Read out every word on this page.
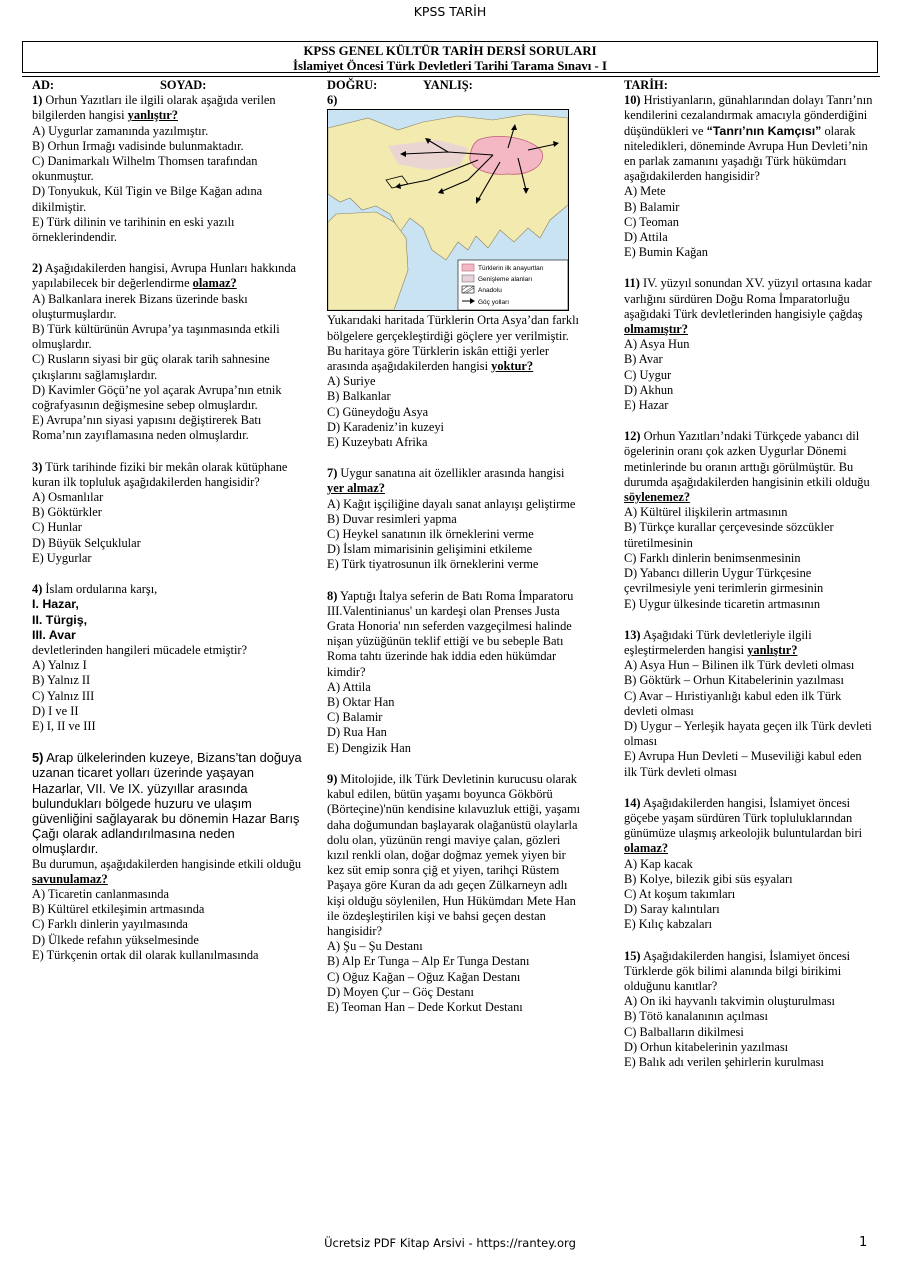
KPSS TARİH
KPSS GENEL KÜLTÜR TARİH DERSİ SORULARI
İslamiyet Öncesi Türk Devletleri Tarihi Tarama Sınavı - I
AD:	SOYAD:

1) Orhun Yazıtları ile ilgili olarak aşağıda verilen bilgilerden hangisi yanlıştır?

A) Uygurlar zamanında yazılmıştır.

B) Orhun Irmağı vadisinde bulunmaktadır.

C) Danimarkalı Wilhelm Thomsen tarafından okunmuştur.

D) Tonyukuk, Kül Tigin ve Bilge Kağan adına dikilmiştir.

E) Türk dilinin ve tarihinin en eski yazılı örneklerindendir.

2) Aşağıdakilerden hangisi, Avrupa Hunları hakkında yapılabilecek bir değerlendirme olamaz?

A) Balkanlara inerek Bizans üzerinde baskı oluşturmuşlardır.

B) Türk kültürünün Avrupa’ya taşınmasında etkili olmuşlardır.

C) Rusların siyasi bir güç olarak tarih sahnesine çıkışlarını sağlamışlardır.

D) Kavimler Göçü’ne yol açarak Avrupa’nın etnik coğrafyasının değişmesine sebep olmuşlardır.

E) Avrupa’nın siyasi yapısını değiştirerek Batı Roma’nın zayıflamasına neden olmuşlardır.

3) Türk tarihinde fiziki bir mekân olarak kütüphane kuran ilk topluluk aşağıdakilerden hangisidir?

A) Osmanlılar

B) Göktürkler

C) Hunlar

D) Büyük Selçuklular

E) Uygurlar

4) İslam ordularına karşı,

I. Hazar,

II. Türgiş,

III. Avar

devletlerinden hangileri mücadele etmiştir?

A) Yalnız I

B) Yalnız II

C) Yalnız III

D) I ve II

E) I, II ve III

5) Arap ülkelerinden kuzeye, Bizans’tan doğuya uzanan ticaret yolları üzerinde yaşayan Hazarlar, VII. Ve IX. yüzyıllar arasında bulundukları bölgede huzuru ve ulaşım güvenliğini sağlayarak bu dönemin Hazar Barış Çağı olarak adlandırılmasına neden olmuşlardır.

Bu durumun, aşağıdakilerden hangisinde etkili olduğu savunulamaz?

A) Ticaretin canlanmasında

B) Kültürel etkileşimin artmasında

C) Farklı dinlerin yayılmasında

D) Ülkede refahın yükselmesinde

E) Türkçenin ortak dil olarak kullanılmasında

DOĞRU:	YANLIŞ:

6)

Türklerin ilk anayurtları
Genişleme alanları
Anadolu
Göç yolları

Yukarıdaki haritada Türklerin Orta Asya’dan farklı bölgelere gerçekleştirdiği göçlere yer verilmiştir. Bu haritaya göre Türklerin iskân ettiği yerler arasında aşağıdakilerden hangisi yoktur?

A) Suriye

B) Balkanlar

C) Güneydoğu Asya

D) Karadeniz’in kuzeyi

E) Kuzeybatı Afrika

7) Uygur sanatına ait özellikler arasında hangisi yer almaz?

A) Kağıt işçiliğine dayalı sanat anlayışı geliştirme

B) Duvar resimleri yapma

C) Heykel sanatının ilk örneklerini verme

D) İslam mimarisinin gelişimini etkileme

E) Türk tiyatrosunun ilk örneklerini verme

8) Yaptığı İtalya seferin de Batı Roma İmparatoru III.Valentinianus' un kardeşi olan Prenses Justa Grata Honoria' nın seferden vazgeçilmesi halinde nişan yüzüğünün teklif ettiği ve bu sebeple Batı Roma tahtı üzerinde hak iddia eden hükümdar kimdir?

A) Attila

B) Oktar Han

C) Balamir

D) Rua Han

E) Dengizik Han

9) Mitolojide, ilk Türk Devletinin kurucusu olarak kabul edilen, bütün yaşamı boyunca Gökbörü (Börteçine)'nün kendisine kılavuzluk ettiği, yaşamı daha doğumundan başlayarak olağanüstü olaylarla dolu olan, yüzünün rengi maviye çalan, gözleri kızıl renkli olan, doğar doğmaz yemek yiyen bir kez süt emip sonra çiğ et yiyen, tarihçi Rüstem Paşaya göre Kuran da adı geçen Zülkarneyn adlı kişi olduğu söylenilen, Hun Hükümdarı Mete Han ile özdeşleştirilen kişi ve bahsi geçen destan hangisidir?

A) Şu – Şu Destanı

B) Alp Er Tunga – Alp Er Tunga Destanı

C) Oğuz Kağan – Oğuz Kağan Destanı

D) Moyen Çur – Göç Destanı

E) Teoman Han – Dede Korkut Destanı

TARİH:

10) Hristiyanların, günahlarından dolayı Tanrı’nın kendilerini cezalandırmak amacıyla gönderdiğini düşündükleri ve “Tanrı’nın Kamçısı” olarak niteledikleri, döneminde Avrupa Hun Devleti’nin en parlak zamanını yaşadığı Türk hükümdarı aşağıdakilerden hangisidir?

A) Mete

B) Balamir

C) Teoman

D) Attila

E) Bumin Kağan

11) IV. yüzyıl sonundan XV. yüzyıl ortasına kadar varlığını sürdüren Doğu Roma İmparatorluğu aşağıdaki Türk devletlerinden hangisiyle çağdaş olmamıştır?

A) Asya Hun

B) Avar

C) Uygur

D) Akhun

E) Hazar

12) Orhun Yazıtları’ndaki Türkçede yabancı dil ögelerinin oranı çok azken Uygurlar Dönemi metinlerinde bu oranın arttığı görülmüştür. Bu durumda aşağıdakilerden hangisinin etkili olduğu söylenemez?

A) Kültürel ilişkilerin artmasının

B) Türkçe kurallar çerçevesinde sözcükler türetilmesinin

C) Farklı dinlerin benimsenmesinin

D) Yabancı dillerin Uygur Türkçesine çevrilmesiyle yeni terimlerin girmesinin

E) Uygur ülkesinde ticaretin artmasının

13) Aşağıdaki Türk devletleriyle ilgili eşleştirmelerden hangisi yanlıştır?

A) Asya Hun – Bilinen ilk Türk devleti olması

B) Göktürk – Orhun Kitabelerinin yazılması

C) Avar – Hıristiyanlığı kabul eden ilk Türk devleti olması

D) Uygur – Yerleşik hayata geçen ilk Türk devleti olması

E) Avrupa Hun Devleti – Museviliği kabul eden ilk Türk devleti olması

14) Aşağıdakilerden hangisi, İslamiyet öncesi göçebe yaşam sürdüren Türk topluluklarından günümüze ulaşmış arkeolojik buluntulardan biri olamaz?

A) Kap kacak

B) Kolye, bilezik gibi süs eşyaları

C) At koşum takımları

D) Saray kalıntıları

E) Kılıç kabzaları

15) Aşağıdakilerden hangisi, İslamiyet öncesi Türklerde gök bilimi alanında bilgi birikimi olduğunu kanıtlar?

A) On iki hayvanlı takvimin oluşturulması

B) Tötö kanalanının açılması

C) Balbalların dikilmesi

D) Orhun kitabelerinin yazılması

E) Balık adı verilen şehirlerin kurulması

Ücretsiz PDF Kitap Arsivi - https://rantey.org	1
